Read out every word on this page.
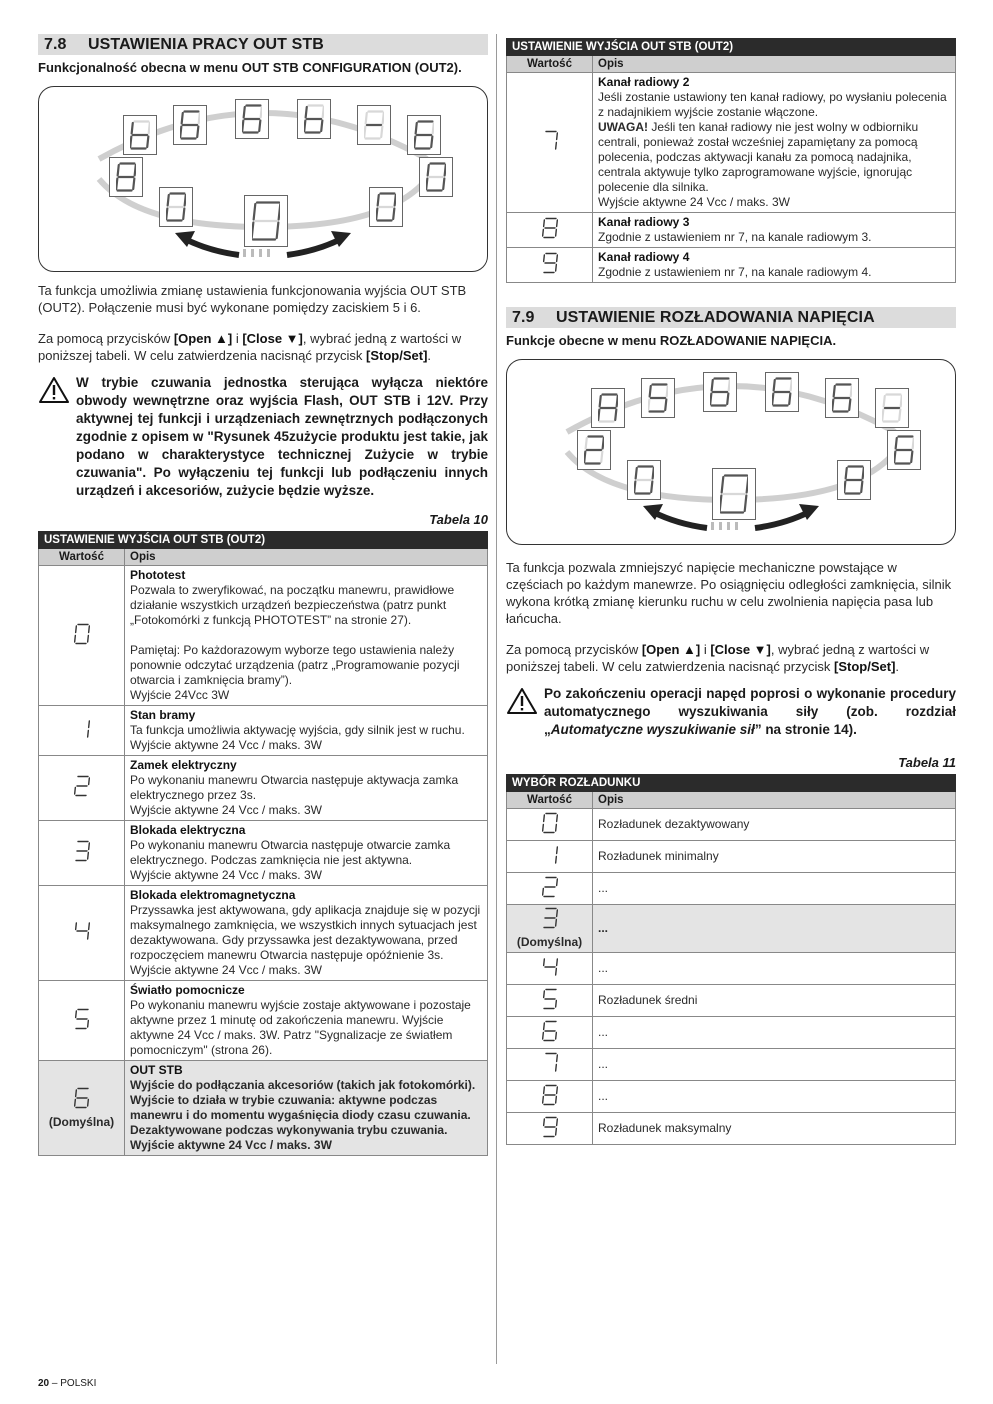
7.8	USTAWIENIA PRACY OUT STB
Funkcjonalność obecna w menu OUT STB CONFIGURATION (OUT2).
Ta funkcja umożliwia zmianę ustawienia funkcjonowania wyjścia OUT STB (OUT2). Połączenie musi być wykonane pomiędzy zaciskiem 5 i 6.
Za pomocą przycisków [Open ▲] i [Close ▼], wybrać jedną z wartości w poniższej tabeli. W celu zatwierdzenia nacisnąć przycisk [Stop/Set].
W trybie czuwania jednostka sterująca wyłącza niektóre obwody wewnętrzne oraz wyjścia Flash, OUT STB i 12V. Przy aktywnej tej funkcji i urządzeniach zewnętrznych podłączonych zgodnie z opisem w "Rysunek 45zużycie produktu jest takie, jak podano w charakterystyce technicznej Zużycie w trybie czuwania". Po wyłączeniu tej funkcji lub podłączeniu innych urządzeń i akcesoriów, zużycie będzie wyższe.
Tabela 10
USTAWIENIE WYJŚCIA OUT STB (OUT2)	
Wartość	Opis

Phototest
Pozwala to zweryfikować, na początku manewru, prawidłowe działanie wszystkich urządzeń bezpieczeństwa (patrz punkt „Fotokomórki z funkcją PHOTOTEST” na stronie 27).
Pamiętaj: Po każdorazowym wyborze tego ustawienia należy ponownie odczytać urządzenia (patrz „Programowanie pozycji otwarcia i zamknięcia bramy”).
Wyjście 24Vcc 3W

Stan bramy
Ta funkcja umożliwia aktywację wyjścia, gdy silnik jest w ruchu.
Wyjście aktywne 24 Vcc / maks. 3W

Zamek elektryczny
Po wykonaniu manewru Otwarcia następuje aktywacja zamka elektrycznego przez 3s.
Wyjście aktywne 24 Vcc / maks. 3W

Blokada elektryczna
Po wykonaniu manewru Otwarcia następuje otwarcie zamka elektrycznego. Podczas zamknięcia nie jest aktywna.
Wyjście aktywne 24 Vcc / maks. 3W

Blokada elektromagnetyczna
Przyssawka jest aktywowana, gdy aplikacja znajduje się w pozycji maksymalnego zamknięcia, we wszystkich innych sytuacjach jest dezaktywowana. Gdy przyssawka jest dezaktywowana, przed rozpoczęciem manewru Otwarcia następuje opóźnienie 3s.
Wyjście aktywne 24 Vcc / maks. 3W

Światło pomocnicze
Po wykonaniu manewru wyjście zostaje aktywowane i pozostaje aktywne przez 1 minutę od zakończenia manewru. Wyjście aktywne 24 Vcc / maks. 3W. Patrz "Sygnalizacje ze światłem pomocniczym" (strona 26).

(Domyślna)	OUT STB
Wyjście do podłączania akcesoriów (takich jak fotokomórki). Wyjście to działa w trybie czuwania: aktywne podczas manewru i do momentu wygaśnięcia diody czasu czuwania. Dezaktywowane podczas wykonywania trybu czuwania.
Wyjście aktywne 24 Vcc / maks. 3W
USTAWIENIE WYJŚCIA OUT STB (OUT2)	
Wartość	Opis

Kanał radiowy 2
Jeśli zostanie ustawiony ten kanał radiowy, po wysłaniu polecenia z nadajnikiem wyjście zostanie włączone.
UWAGA! Jeśli ten kanał radiowy nie jest wolny w odbiorniku centrali, ponieważ został wcześniej zapamiętany za pomocą polecenia, podczas aktywacji kanału za pomocą nadajnika, centrala aktywuje tylko zaprogramowane wyjście, ignorując polecenie dla silnika.
Wyjście aktywne 24 Vcc / maks. 3W

Kanał radiowy 3
Zgodnie z ustawieniem nr 7, na kanale radiowym 3.

Kanał radiowy 4
Zgodnie z ustawieniem nr 7, na kanale radiowym 4.
7.9	USTAWIENIE ROZŁADOWANIA NAPIĘCIA
Funkcje obecne w menu ROZŁADOWANIE NAPIĘCIA.
Ta funkcja pozwala zmniejszyć napięcie mechaniczne powstające w częściach po każdym manewrze. Po osiągnięciu odległości zamknięcia, silnik wykona krótką zmianę kierunku ruchu w celu zwolnienia napięcia pasa lub łańcucha.
Za pomocą przycisków [Open ▲] i [Close ▼], wybrać jedną z wartości w poniższej tabeli. W celu zatwierdzenia nacisnąć przycisk [Stop/Set].
Po zakończeniu operacji napęd poprosi o wykonanie procedury automatycznego wyszukiwania siły (zob. rozdział „Automatyczne wyszukiwanie sił” na stronie 14).
Tabela 11
WYBÓR ROZŁADUNKU	
Wartość	Opis
	Rozładunek dezaktywowany
	Rozładunek minimalny
	...

(Domyślna)	...
	...
	Rozładunek średni
	...
	...
	...
	Rozładunek maksymalny
20 – POLSKI
